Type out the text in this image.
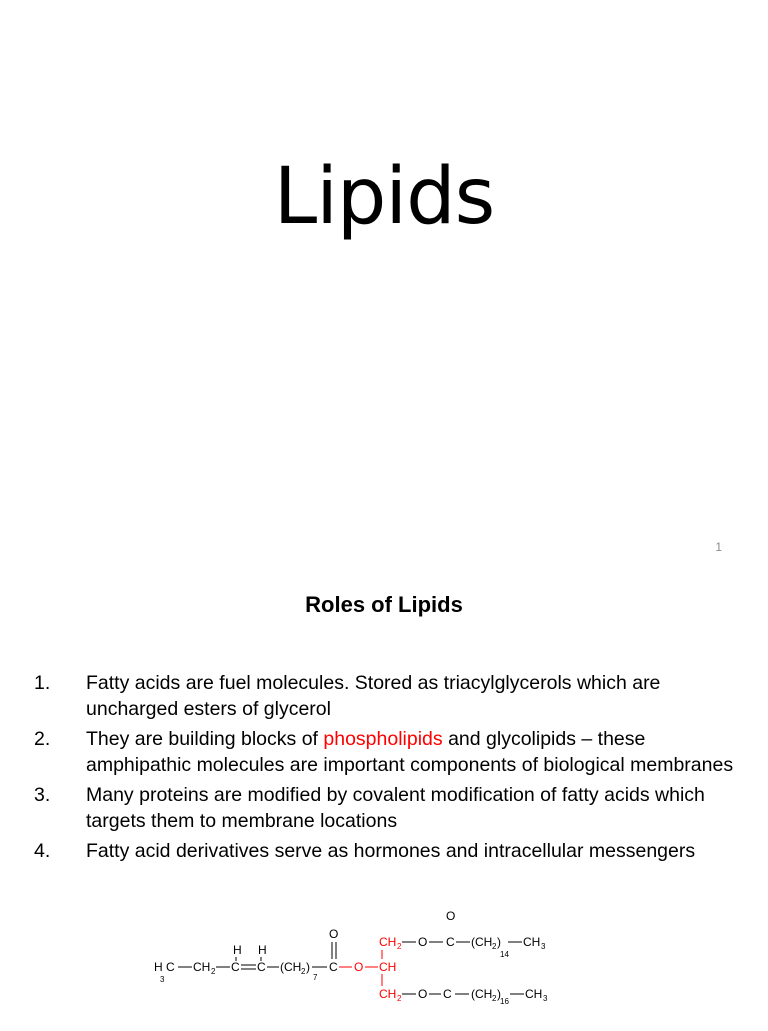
Lipids
1
Roles of Lipids
1.	Fatty acids are fuel molecules. Stored as triacylglycerols which are uncharged esters of glycerol
2.	They are building blocks of phospholipids and glycolipids – these amphipathic molecules are important components of biological membranes
3.	Many proteins are modified by covalent modification of fatty acids which targets them to membrane locations
4.	Fatty acid derivatives serve as hormones and intracellular messengers
H H
H C
3
CH 2 C C (CH 2 )
7
O
C O CH
CH 2
CH 2
O
O
C (CH 2 )
14
CH 3
O C (CH 2 )
16
CH 3
